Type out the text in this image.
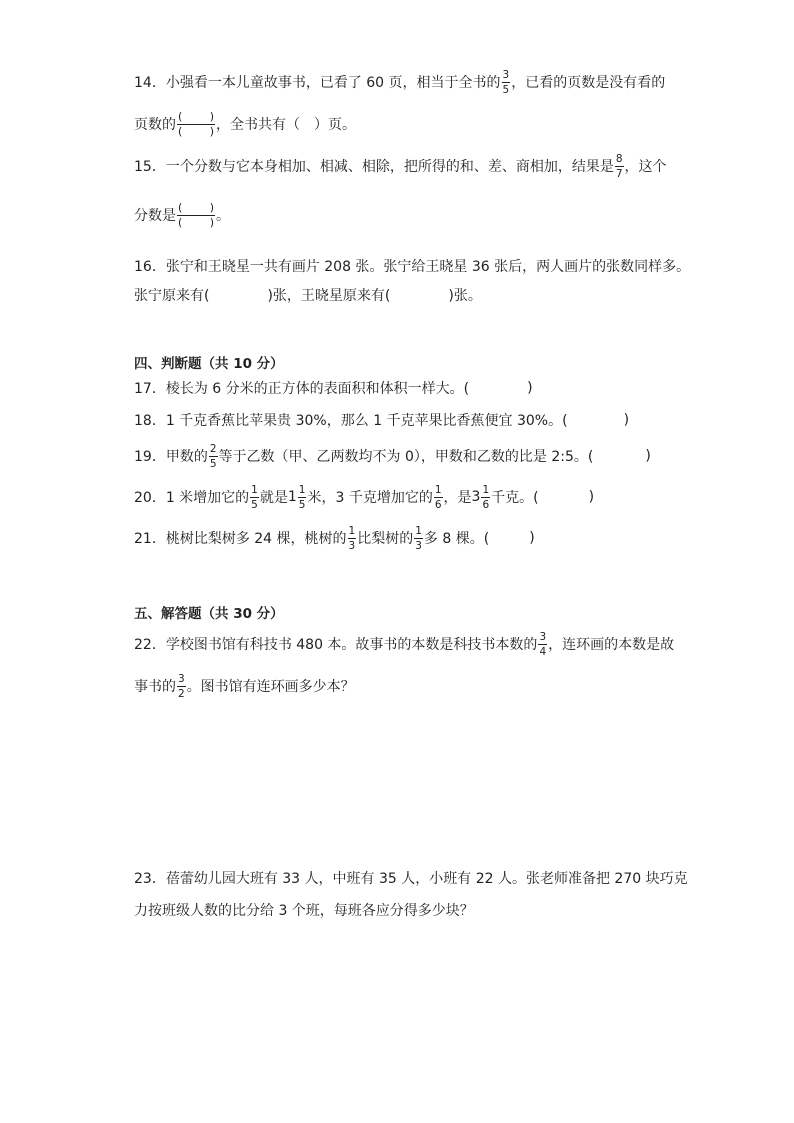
14．小强看一本儿童故事书，已看了 60 页，相当于全书的 $\frac{3}{5}$ ，已看的页数是没有看的
页数的 $\frac{( )}{( )}$ ，全书共有（　）页。
15．一个分数与它本身相加、相减、相除，把所得的和、差、商相加，结果是 $\frac{8}{7}$ ，这个
分数是 $\frac{( )}{( )}$ 。
16．张宁和王晓星一共有画片 208 张。张宁给王晓星 36 张后，两人画片的张数同样多。
张宁原来有(	)张，王晓星原来有(	)张。
四、判断题（共 10 分）
17．棱长为 6 分米的正方体的表面积和体积一样大。(	)
18．1 千克香蕉比苹果贵 30%，那么 1 千克苹果比香蕉便宜 30%。(	)
19．甲数的 $\frac{2}{5}$ 等于乙数（甲、乙两数均不为 0），甲数和乙数的比是 2:5。(	)
20．1 米增加它的 $\frac{1}{5}$ 就是 $1 \frac{1}{5}$ 米，3 千克增加它的 $\frac{1}{6}$ ，是 $3 \frac{1}{6}$ 千克。(	)
21．桃树比梨树多 24 棵，桃树的 $\frac{1}{3}$ 比梨树的 $\frac{1}{3}$ 多 8 棵。(	)
五、解答题（共 30 分）
22．学校图书馆有科技书 480 本。故事书的本数是科技书本数的 $\frac{3}{4}$ ，连环画的本数是故
事书的 $\frac{3}{2}$ 。图书馆有连环画多少本？
23．蓓蕾幼儿园大班有 33 人，中班有 35 人，小班有 22 人。张老师准备把 270 块巧克
力按班级人数的比分给 3 个班，每班各应分得多少块？
